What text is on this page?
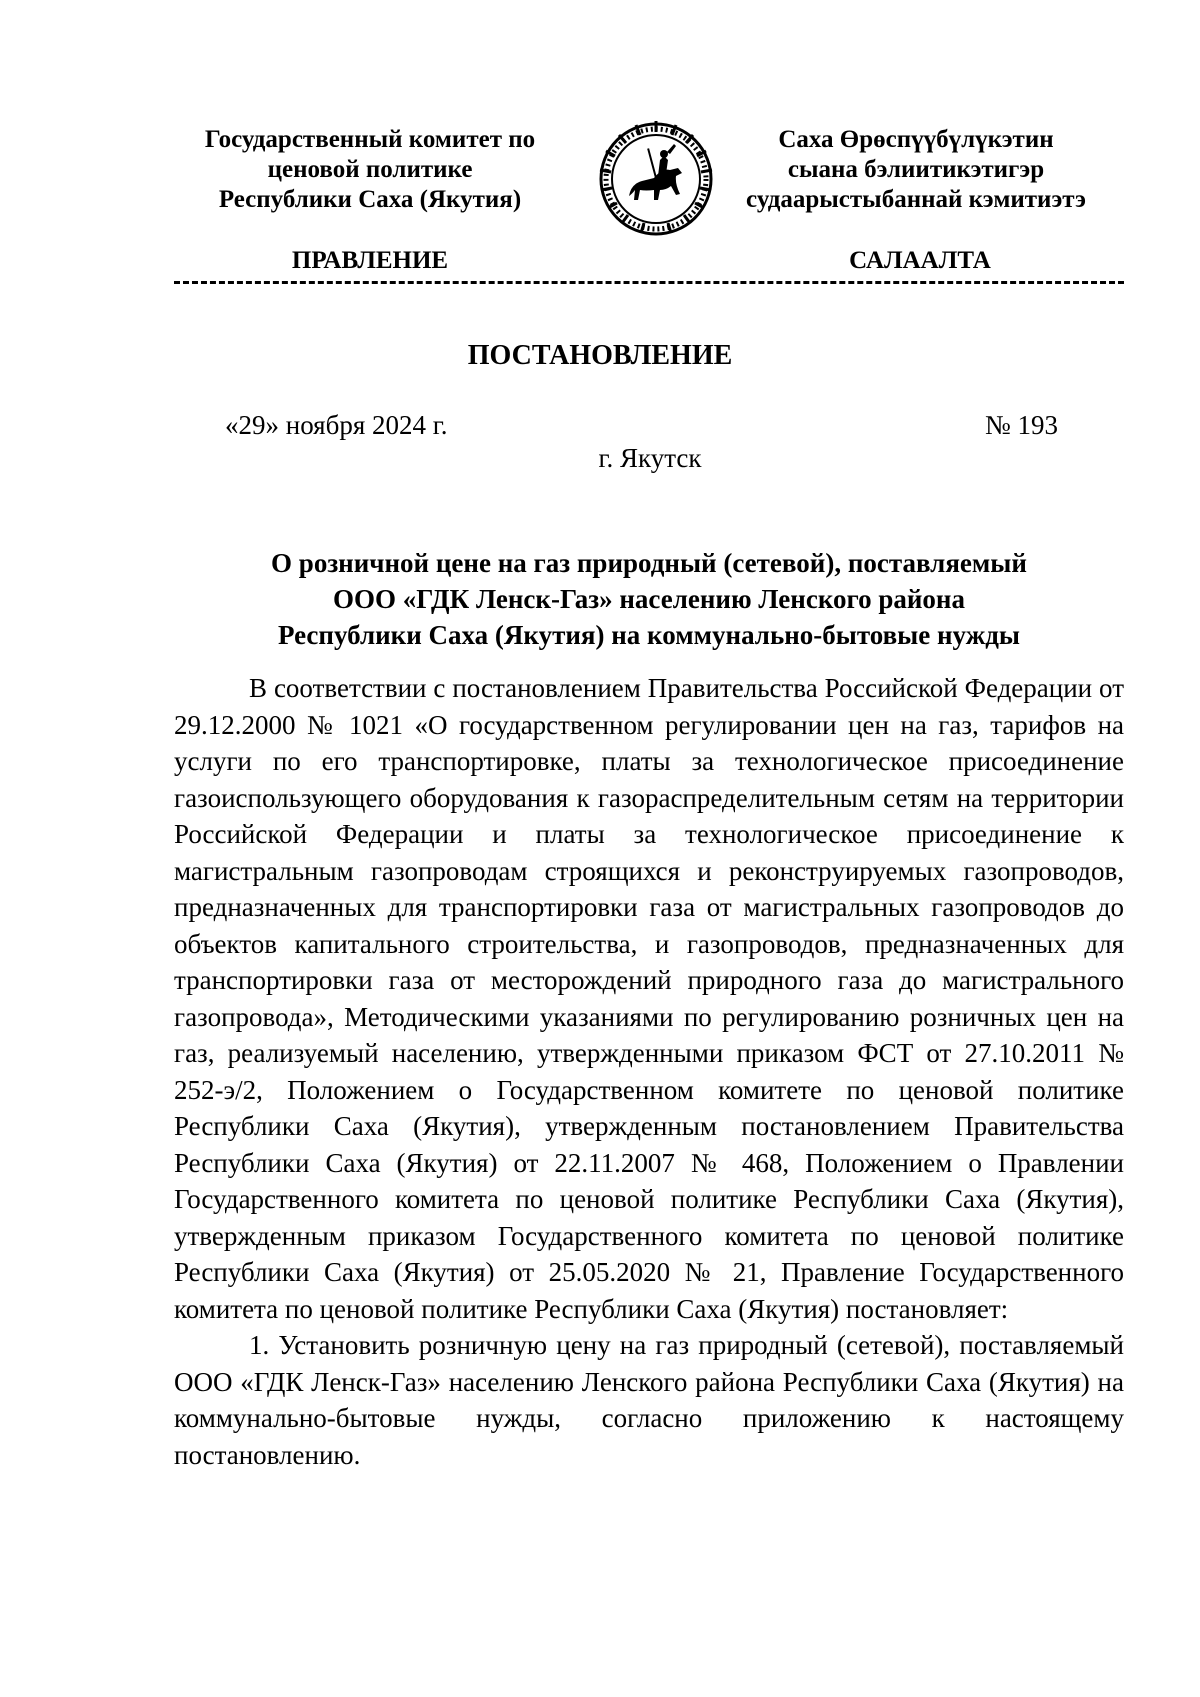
Государственный комитет по
ценовой политике
Республики Саха (Якутия)
Саха Өрөспүүбүлүкэтин
сыана бэлиитикэтигэр
судаарыстыбаннай кэмитиэтэ
ПРАВЛЕНИЕ	САЛААЛТА
ПОСТАНОВЛЕНИЕ
«29» ноября 2024 г.	№ 193
г. Якутск
О розничной цене на газ природный (сетевой), поставляемый
ООО «ГДК Ленск-Газ» населению Ленского района
Республики Саха (Якутия) на коммунально-бытовые нужды

В соответствии с постановлением Правительства Российской Федерации от 29.12.2000 № 1021 «О государственном регулировании цен на газ, тарифов на услуги по его транспортировке, платы за технологическое присоединение газоиспользующего оборудования к газораспределительным сетям на территории Российской Федерации и платы за технологическое присоединение к магистральным газопроводам строящихся и реконструируемых газопроводов, предназначенных для транспортировки газа от магистральных газопроводов до объектов капитального строительства, и газопроводов, предназначенных для транспортировки газа от месторождений природного газа до магистрального газопровода», Методическими указаниями по регулированию розничных цен на газ, реализуемый населению, утвержденными приказом ФСТ от 27.10.2011 № 252-э/2, Положением о Государственном комитете по ценовой политике Республики Саха (Якутия), утвержденным постановлением Правительства Республики Саха (Якутия) от 22.11.2007 № 468, Положением о Правлении Государственного комитета по ценовой политике Республики Саха (Якутия), утвержденным приказом Государственного комитета по ценовой политике Республики Саха (Якутия) от 25.05.2020 № 21, Правление Государственного комитета по ценовой политике Республики Саха (Якутия) постановляет:

1. Установить розничную цену на газ природный (сетевой), поставляемый ООО «ГДК Ленск-Газ» населению Ленского района Республики Саха (Якутия) на коммунально-бытовые нужды, согласно приложению к настоящему постановлению.
